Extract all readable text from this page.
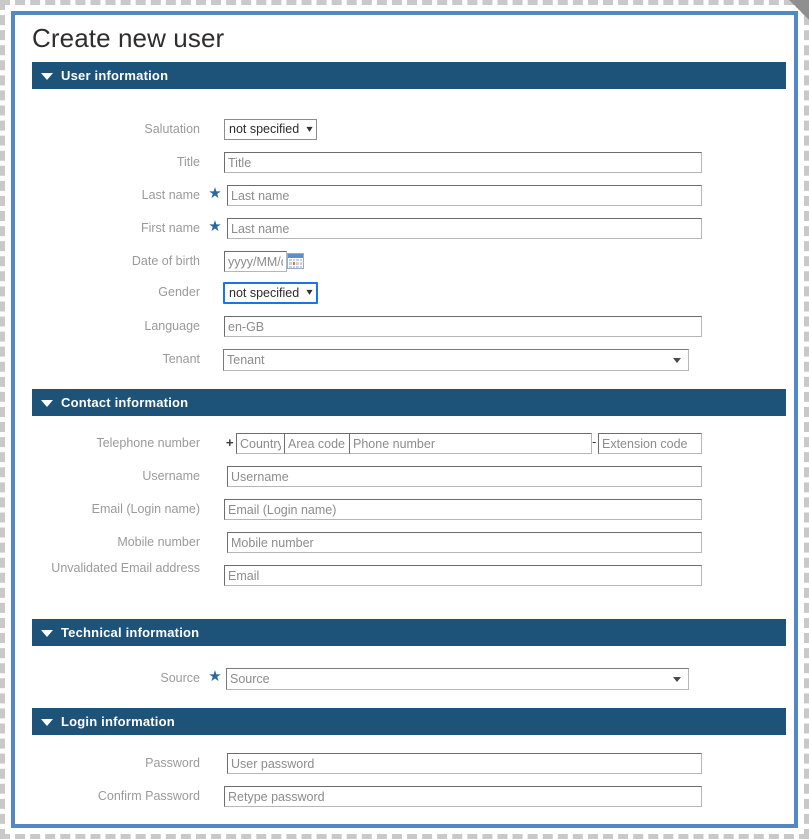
Create new user
User information
Salutation not specified ▾
Title
Title
Last name ★
Last name
First name ★
Last name
Date of birth
yyyy/MM/dd
Gender not specified ▾
Language
en-GB
Tenant	Tenant
Contact information
Telephone number +
Country code
Area code
Phone number	-
Extension code
Username
Username
Email (Login name)
Email (Login name)
Mobile number
Mobile number
Unvalidated Email address
Email
Technical information
Source ★ Source
Login information
Password
User password
Confirm Password
Retype password
